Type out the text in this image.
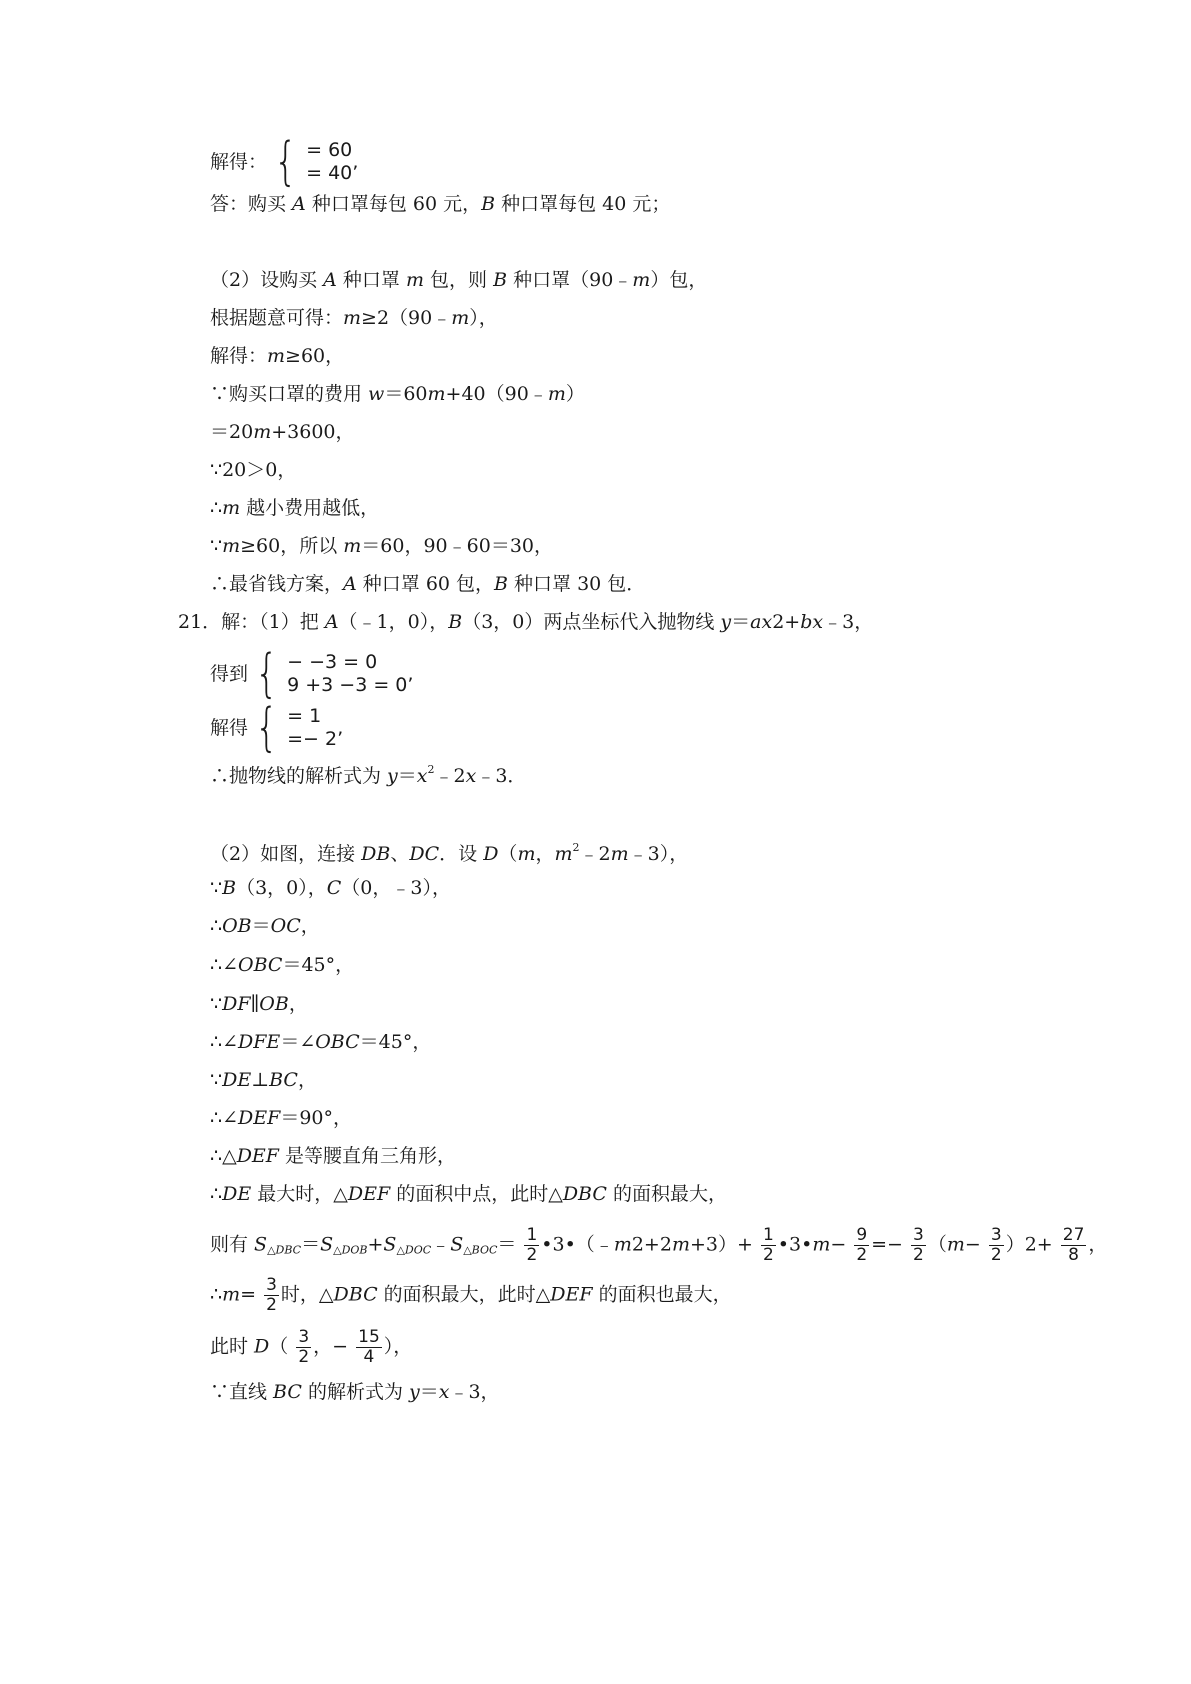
解得： { = 60
= 40’
答：购买 A 种口罩每包 60 元，B 种口罩每包 40 元；
（2）设购买 A 种口罩 m 包，则 B 种口罩（90﹣m）包，
根据题意可得：m≥2（90﹣m），
解得：m≥60，
∵购买口罩的费用 w＝60m+40（90﹣m）
＝20m+3600，
∵20＞0，
∴m 越小费用越低，
∵m≥60，所以 m＝60，90﹣60＝30，
∴最省钱方案，A 种口罩 60 包，B 种口罩 30 包．
21．解：（1）把 A（﹣1，0），B（3，0）两点坐标代入抛物线 y＝ax2+bx﹣3，
得到 { − −3 = 0
9 +3 −3 = 0’
解得 { = 1
=− 2’
∴抛物线的解析式为 $y=x^2﹣2x﹣3$．
（2）如图，连接 DB、DC．设 D（m，$m^2﹣2m﹣3$），
∵B（3，0），C（0，﹣3），
∴OB＝OC，
∴∠OBC＝45°，
∵DF∥OB，
∴∠DFE＝∠OBC＝45°，
∵DE⊥BC，
∴∠DEF＝90°，
∴△DEF 是等腰直角三角形，
∴DE 最大时，△DEF 的面积中点，此时△DBC 的面积最大，
则有 $S_{\triangle DBC}=S_{\triangle DOB}+S_{\triangle DOC}﹣S_{\triangle BOC}= \frac{1}{2}$ •3•（﹣m2+2m+3）+ $\frac{1}{2}$ •3•m− $\frac{9}{2} =- \frac{3}{2} (m- \frac{3}{2} )2+ \frac{27}{8}$ ，
∴m= $\frac{3}{2}$ 时，△DBC 的面积最大，此时△DEF 的面积也最大，
此时 $D( \frac{3}{2}$ ，− $\frac{15}{4}$ ），
∵直线 BC 的解析式为 y＝x﹣3，
